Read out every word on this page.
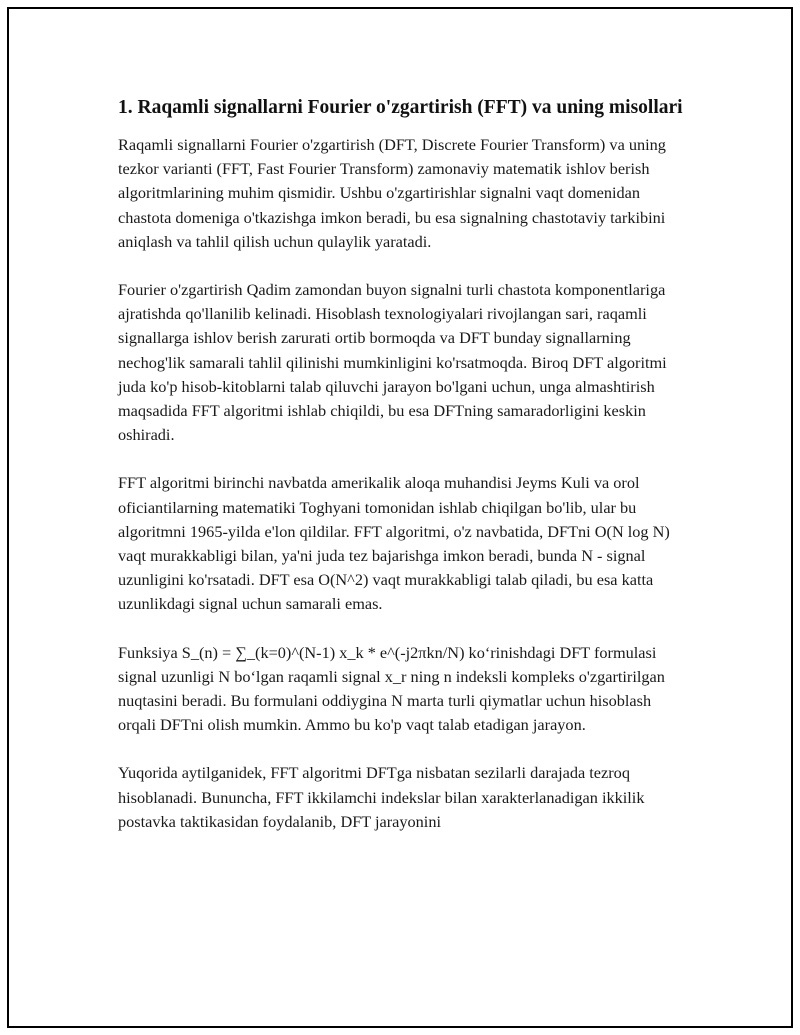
1. Raqamli signallarni Fourier o'zgartirish (FFT) va uning misollari

Raqamli signallarni Fourier o'zgartirish (DFT, Discrete Fourier Transform) va uning tezkor varianti (FFT, Fast Fourier Transform) zamonaviy matematik ishlov berish algoritmlarining muhim qismidir. Ushbu o'zgartirishlar signalni vaqt domenidan chastota domeniga o'tkazishga imkon beradi, bu esa signalning chastotaviy tarkibini aniqlash va tahlil qilish uchun qulaylik yaratadi.

Fourier o'zgartirish Qadim zamondan buyon signalni turli chastota komponentlariga ajratishda qo'llanilib kelinadi. Hisoblash texnologiyalari rivojlangan sari, raqamli signallarga ishlov berish zarurati ortib bormoqda va DFT bunday signallarning nechog'lik samarali tahlil qilinishi mumkinligini ko'rsatmoqda. Biroq DFT algoritmi juda ko'p hisob-kitoblarni talab qiluvchi jarayon bo'lgani uchun, unga almashtirish maqsadida FFT algoritmi ishlab chiqildi, bu esa DFTning samaradorligini keskin oshiradi.

FFT algoritmi birinchi navbatda amerikalik aloqa muhandisi Jeyms Kuli va orol oficiantilarning matematiki Toghyani tomonidan ishlab chiqilgan bo'lib, ular bu algoritmni 1965-yilda e'lon qildilar. FFT algoritmi, o'z navbatida, DFTni O(N log N) vaqt murakkabligi bilan, ya'ni juda tez bajarishga imkon beradi, bunda N - signal uzunligini ko'rsatadi. DFT esa O(N^2) vaqt murakkabligi talab qiladi, bu esa katta uzunlikdagi signal uchun samarali emas.

Funksiya S_(n) = ∑_(k=0)^(N-1) x_k * e^(-j2πkn/N) koʻrinishdagi DFT formulasi signal uzunligi N boʻlgan raqamli signal x_r ning n indeksli kompleks o'zgartirilgan nuqtasini beradi. Bu formulani oddiygina N marta turli qiymatlar uchun hisoblash orqali DFTni olish mumkin. Ammo bu ko'p vaqt talab etadigan jarayon.

Yuqorida aytilganidek, FFT algoritmi DFTga nisbatan sezilarli darajada tezroq hisoblanadi. Bununcha, FFT ikkilamchi indekslar bilan xarakterlanadigan ikkilik postavka taktikasidan foydalanib, DFT jarayonini
